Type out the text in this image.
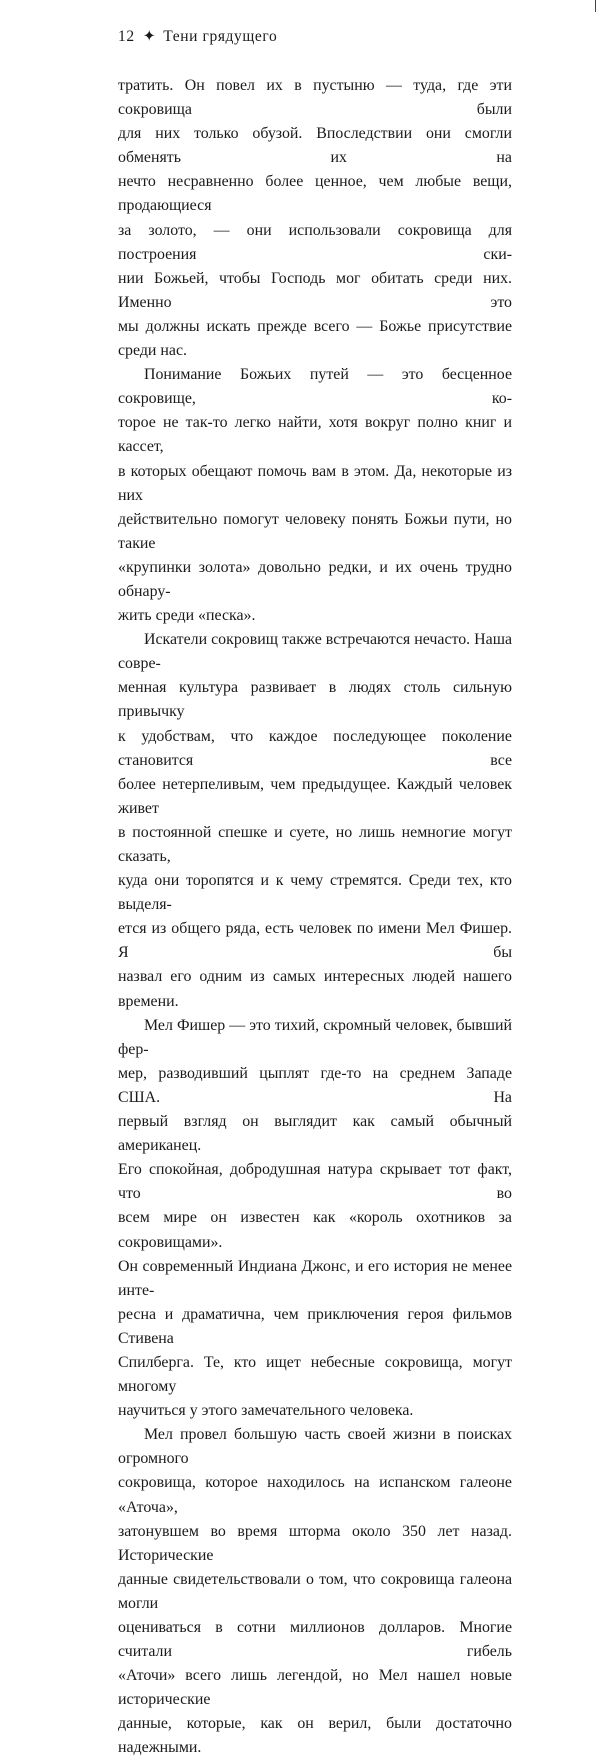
12 ✦ Тени грядущего

тратить. Он повел их в пустыню — туда, где эти сокровища были
для них только обузой. Впоследствии они смогли обменять их на
нечто несравненно более ценное, чем любые вещи, продающиеся
за золото, — они использовали сокровища для построения ски-
нии Божьей, чтобы Господь мог обитать среди них. Именно это
мы должны искать прежде всего — Божье присутствие среди нас.

Понимание Божьих путей — это бесценное сокровище, ко-
торое не так-то легко найти, хотя вокруг полно книг и кассет,
в которых обещают помочь вам в этом. Да, некоторые из них
действительно помогут человеку понять Божьи пути, но такие
«крупинки золота» довольно редки, и их очень трудно обнару-
жить среди «песка».

Искатели сокровищ также встречаются нечасто. Наша совре-
менная культура развивает в людях столь сильную привычку
к удобствам, что каждое последующее поколение становится все
более нетерпеливым, чем предыдущее. Каждый человек живет
в постоянной спешке и суете, но лишь немногие могут сказать,
куда они торопятся и к чему стремятся. Среди тех, кто выделя-
ется из общего ряда, есть человек по имени Мел Фишер. Я бы
назвал его одним из самых интересных людей нашего времени.

Мел Фишер — это тихий, скромный человек, бывший фер-
мер, разводивший цыплят где-то на среднем Западе США. На
первый взгляд он выглядит как самый обычный американец.
Его спокойная, добродушная натура скрывает тот факт, что во
всем мире он известен как «король охотников за сокровищами».
Он современный Индиана Джонс, и его история не менее инте-
ресна и драматична, чем приключения героя фильмов Стивена
Спилберга. Те, кто ищет небесные сокровища, могут многому
научиться у этого замечательного человека.

Мел провел большую часть своей жизни в поисках огромного
сокровища, которое находилось на испанском галеоне «Аточа»,
затонувшем во время шторма около 350 лет назад. Исторические
данные свидетельствовали о том, что сокровища галеона могли
оцениваться в сотни миллионов долларов. Многие считали гибель
«Аточи» всего лишь легендой, но Мел нашел новые исторические
данные, которые, как он верил, были достаточно надежными.
